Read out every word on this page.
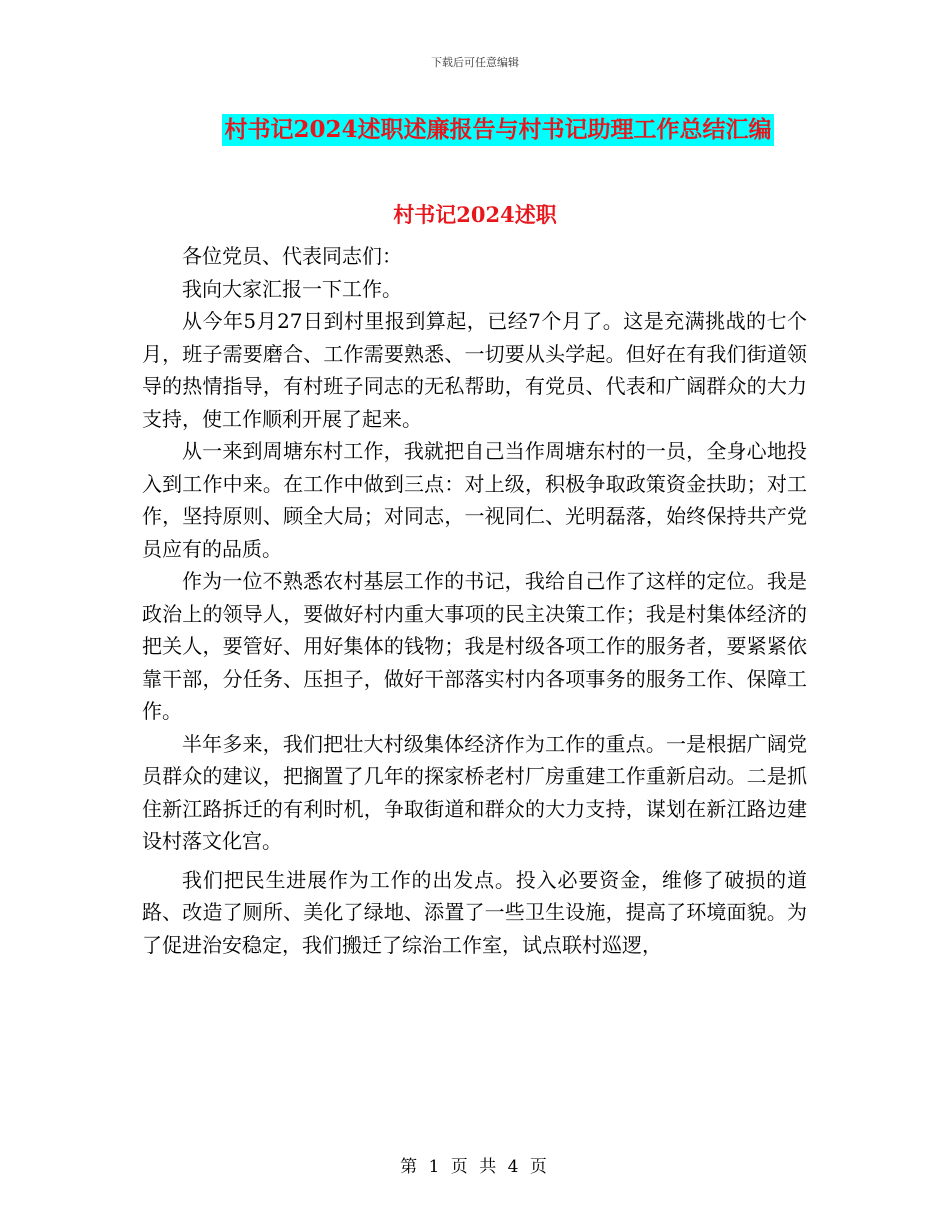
下载后可任意编辑
村书记2024述职述廉报告与村书记助理工作总结汇编
村书记2024述职

各位党员、代表同志们：

我向大家汇报一下工作。

从今年5月27日到村里报到算起，已经7个月了。这是充满挑战的七个月，班子需要磨合、工作需要熟悉、一切要从头学起。但好在有我们街道领导的热情指导，有村班子同志的无私帮助，有党员、代表和广阔群众的大力支持，使工作顺利开展了起来。

从一来到周塘东村工作，我就把自己当作周塘东村的一员，全身心地投入到工作中来。在工作中做到三点：对上级，积极争取政策资金扶助；对工作，坚持原则、顾全大局；对同志，一视同仁、光明磊落，始终保持共产党员应有的品质。

作为一位不熟悉农村基层工作的书记，我给自己作了这样的定位。我是政治上的领导人，要做好村内重大事项的民主决策工作；我是村集体经济的把关人，要管好、用好集体的钱物；我是村级各项工作的服务者，要紧紧依靠干部，分任务、压担子，做好干部落实村内各项事务的服务工作、保障工作。

半年多来，我们把壮大村级集体经济作为工作的重点。一是根据广阔党员群众的建议，把搁置了几年的探家桥老村厂房重建工作重新启动。二是抓住新江路拆迁的有利时机，争取街道和群众的大力支持，谋划在新江路边建设村落文化宫。

我们把民生进展作为工作的出发点。投入必要资金，维修了破损的道路、改造了厕所、美化了绿地、添置了一些卫生设施，提高了环境面貌。为了促进治安稳定，我们搬迁了综治工作室，试点联村巡逻，

第 1 页 共 4 页
